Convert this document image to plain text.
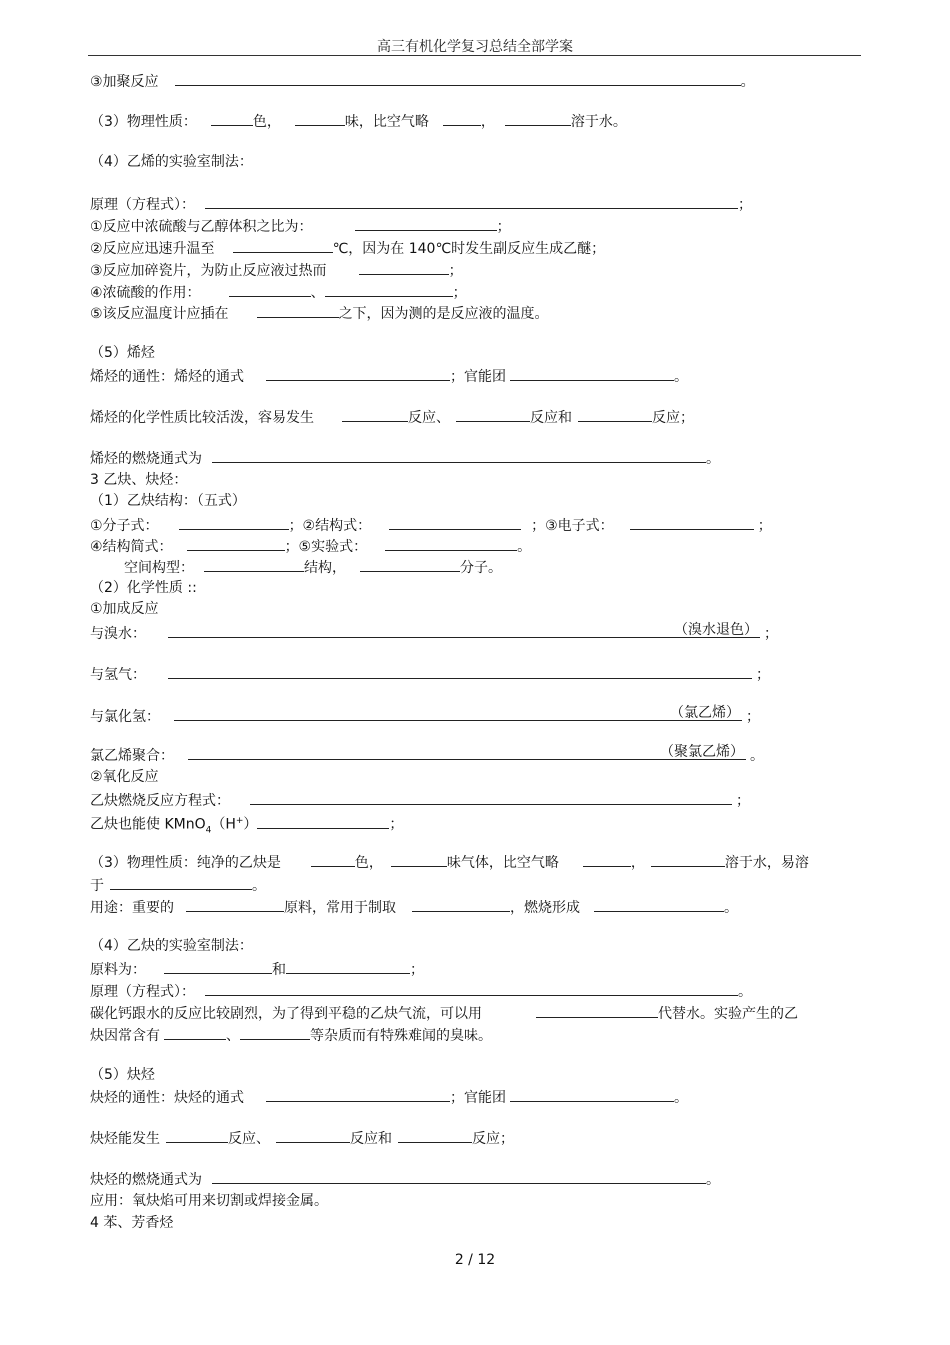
高三有机化学复习总结全部学案
③加聚反应	。
（3）物理性质：	色，	味，比空气略	，	溶于水。
（4）乙烯的实验室制法：
原理（方程式）：	；
①反应中浓硫酸与乙醇体积之比为：	；
②反应应迅速升温至	℃，因为在 140℃时发生副反应生成乙醚；
③反应加碎瓷片，为防止反应液过热而	；
④浓硫酸的作用：	、	；
⑤该反应温度计应插在	之下，因为测的是反应液的温度。
（5）烯烃
烯烃的通性：烯烃的通式	；官能团	。
烯烃的化学性质比较活泼，容易发生	反应、	反应和	反应；
烯烃的燃烧通式为	。
3 乙炔、炔烃：
（1）乙炔结构：（五式）
①分子式：	；②结构式：	；③电子式：	；
④结构简式：	；⑤实验式：	。
空间构型：	结构，	分子。
（2）化学性质 ::
①加成反应
与溴水：	（溴水退色） ；
与氢气：	；
与氯化氢：	（氯乙烯） ；
氯乙烯聚合：	（聚氯乙烯） 。
②氧化反应
乙炔燃烧反应方程式：	；
乙炔也能使 KMnO$_4$（H+）	；
（3）物理性质：纯净的乙炔是	色，	味气体，比空气略	，	溶于水，易溶
于	。
用途：重要的	原料，常用于制取	，燃烧形成	。
（4）乙炔的实验室制法：
原料为：	和	；
原理（方程式）：	。
碳化钙跟水的反应比较剧烈，为了得到平稳的乙炔气流，可以用	代替水。实验产生的乙
炔因常含有	、	等杂质而有特殊难闻的臭味。
（5）炔烃
炔烃的通性：炔烃的通式	；官能团	。
炔烃能发生	反应、	反应和	反应；
炔烃的燃烧通式为	。
应用：氧炔焰可用来切割或焊接金属。
4 苯、芳香烃
2 / 12
